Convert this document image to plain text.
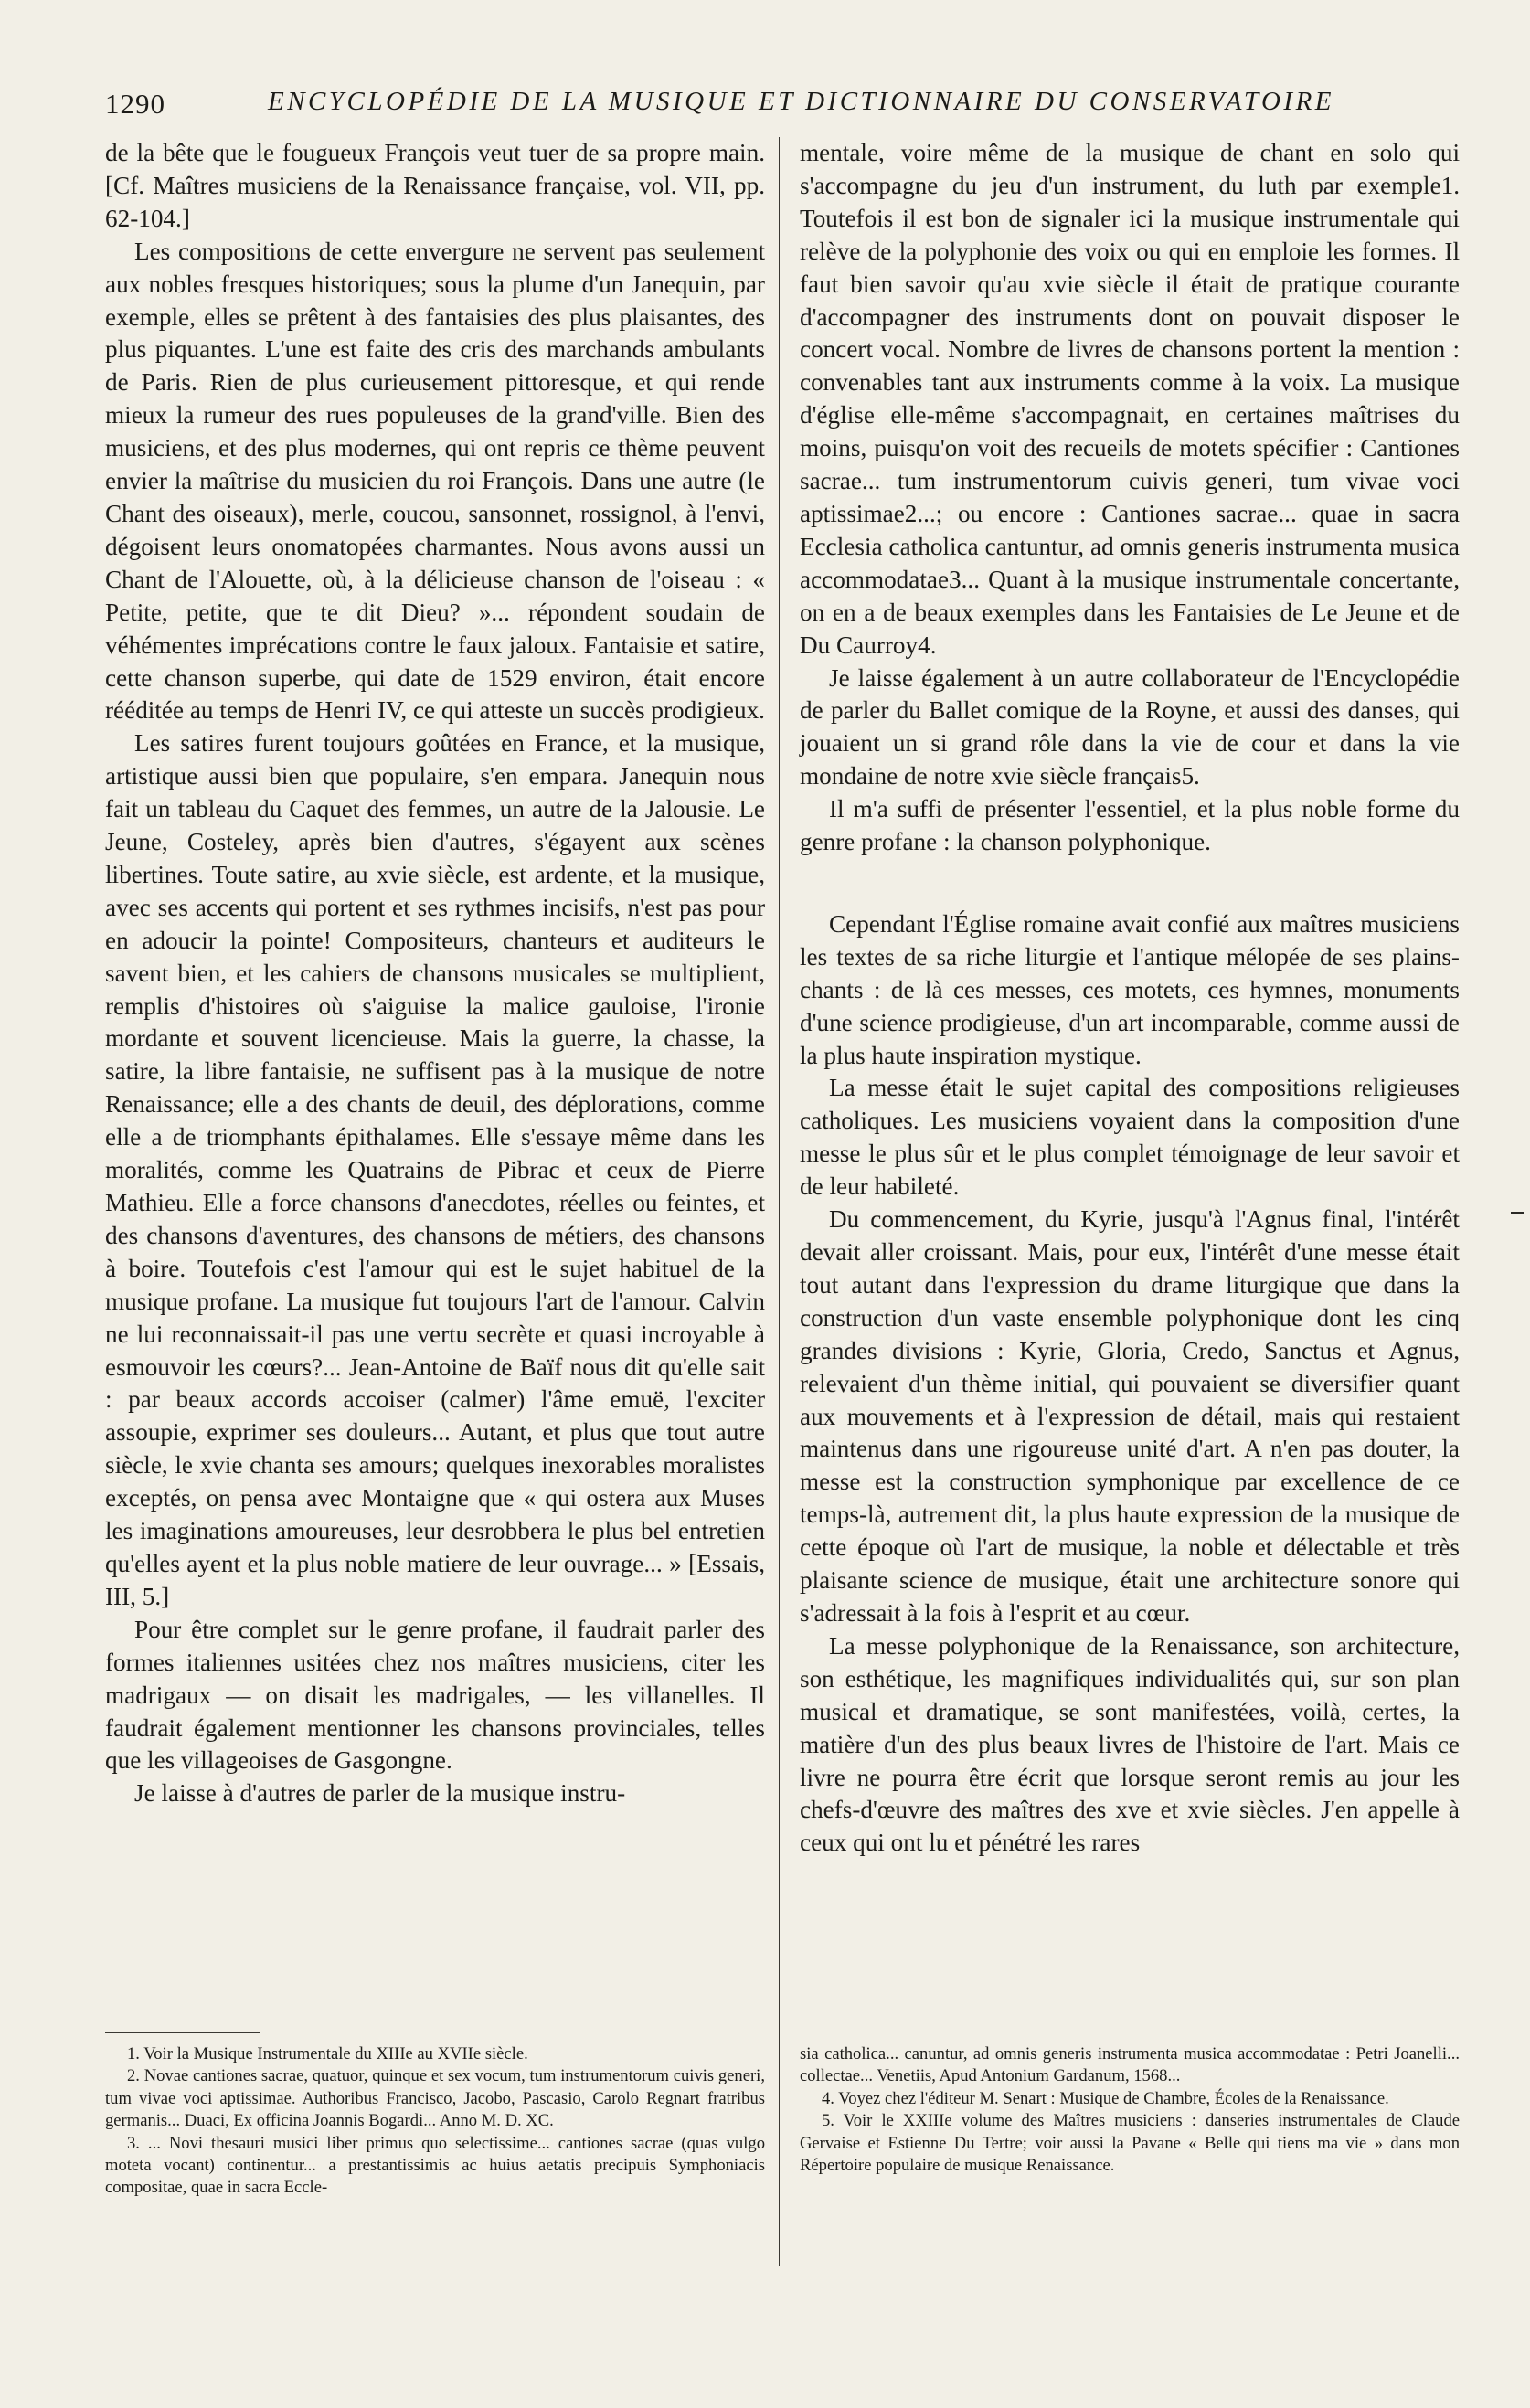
1290	ENCYCLOPÉDIE DE LA MUSIQUE ET DICTIONNAIRE DU CONSERVATOIRE

de la bête que le fougueux François veut tuer de sa propre main. [Cf. Maîtres musiciens de la Renaissance française, vol. VII, pp. 62-104.]

Les compositions de cette envergure ne servent pas seulement aux nobles fresques historiques; sous la plume d'un Janequin, par exemple, elles se prêtent à des fantaisies des plus plaisantes, des plus piquantes. L'une est faite des cris des marchands ambulants de Paris. Rien de plus curieusement pittoresque, et qui rende mieux la rumeur des rues populeuses de la grand'ville. Bien des musiciens, et des plus modernes, qui ont repris ce thème peuvent envier la maîtrise du musicien du roi François. Dans une autre (le Chant des oiseaux), merle, coucou, sansonnet, rossignol, à l'envi, dégoisent leurs onomatopées charmantes. Nous avons aussi un Chant de l'Alouette, où, à la délicieuse chanson de l'oiseau : « Petite, petite, que te dit Dieu? »... répondent soudain de véhémentes imprécations contre le faux jaloux. Fantaisie et satire, cette chanson superbe, qui date de 1529 environ, était encore rééditée au temps de Henri IV, ce qui atteste un succès prodigieux.

Les satires furent toujours goûtées en France, et la musique, artistique aussi bien que populaire, s'en empara. Janequin nous fait un tableau du Caquet des femmes, un autre de la Jalousie. Le Jeune, Costeley, après bien d'autres, s'égayent aux scènes libertines. Toute satire, au xvie siècle, est ardente, et la musique, avec ses accents qui portent et ses rythmes incisifs, n'est pas pour en adoucir la pointe! Compositeurs, chanteurs et auditeurs le savent bien, et les cahiers de chansons musicales se multiplient, remplis d'histoires où s'aiguise la malice gauloise, l'ironie mordante et souvent licencieuse. Mais la guerre, la chasse, la satire, la libre fantaisie, ne suffisent pas à la musique de notre Renaissance; elle a des chants de deuil, des déplorations, comme elle a de triomphants épithalames. Elle s'essaye même dans les moralités, comme les Quatrains de Pibrac et ceux de Pierre Mathieu. Elle a force chansons d'anecdotes, réelles ou feintes, et des chansons d'aventures, des chansons de métiers, des chansons à boire. Toutefois c'est l'amour qui est le sujet habituel de la musique profane. La musique fut toujours l'art de l'amour. Calvin ne lui reconnaissait-il pas une vertu secrète et quasi incroyable à esmouvoir les cœurs?... Jean-Antoine de Baïf nous dit qu'elle sait : par beaux accords accoiser (calmer) l'âme emuë, l'exciter assoupie, exprimer ses douleurs... Autant, et plus que tout autre siècle, le xvie chanta ses amours; quelques inexorables moralistes exceptés, on pensa avec Montaigne que « qui ostera aux Muses les imaginations amoureuses, leur desrobbera le plus bel entretien qu'elles ayent et la plus noble matiere de leur ouvrage... » [Essais, III, 5.]

Pour être complet sur le genre profane, il faudrait parler des formes italiennes usitées chez nos maîtres musiciens, citer les madrigaux — on disait les madrigales, — les villanelles. Il faudrait également mentionner les chansons provinciales, telles que les villageoises de Gasgongne.

Je laisse à d'autres de parler de la musique instru-

mentale, voire même de la musique de chant en solo qui s'accompagne du jeu d'un instrument, du luth par exemple1. Toutefois il est bon de signaler ici la musique instrumentale qui relève de la polyphonie des voix ou qui en emploie les formes. Il faut bien savoir qu'au xvie siècle il était de pratique courante d'accompagner des instruments dont on pouvait disposer le concert vocal. Nombre de livres de chansons portent la mention : convenables tant aux instruments comme à la voix. La musique d'église elle-même s'accompagnait, en certaines maîtrises du moins, puisqu'on voit des recueils de motets spécifier : Cantiones sacrae... tum instrumentorum cuivis generi, tum vivae voci aptissimae2...; ou encore : Cantiones sacrae... quae in sacra Ecclesia catholica cantuntur, ad omnis generis instrumenta musica accommodatae3... Quant à la musique instrumentale concertante, on en a de beaux exemples dans les Fantaisies de Le Jeune et de Du Caurroy4.

Je laisse également à un autre collaborateur de l'Encyclopédie de parler du Ballet comique de la Royne, et aussi des danses, qui jouaient un si grand rôle dans la vie de cour et dans la vie mondaine de notre xvie siècle français5.

Il m'a suffi de présenter l'essentiel, et la plus noble forme du genre profane : la chanson polyphonique.

Cependant l'Église romaine avait confié aux maîtres musiciens les textes de sa riche liturgie et l'antique mélopée de ses plains-chants : de là ces messes, ces motets, ces hymnes, monuments d'une science prodigieuse, d'un art incomparable, comme aussi de la plus haute inspiration mystique.

La messe était le sujet capital des compositions religieuses catholiques. Les musiciens voyaient dans la composition d'une messe le plus sûr et le plus complet témoignage de leur savoir et de leur habileté.

Du commencement, du Kyrie, jusqu'à l'Agnus final, l'intérêt devait aller croissant. Mais, pour eux, l'intérêt d'une messe était tout autant dans l'expression du drame liturgique que dans la construction d'un vaste ensemble polyphonique dont les cinq grandes divisions : Kyrie, Gloria, Credo, Sanctus et Agnus, relevaient d'un thème initial, qui pouvaient se diversifier quant aux mouvements et à l'expression de détail, mais qui restaient maintenus dans une rigoureuse unité d'art. A n'en pas douter, la messe est la construction symphonique par excellence de ce temps-là, autrement dit, la plus haute expression de la musique de cette époque où l'art de musique, la noble et délectable et très plaisante science de musique, était une architecture sonore qui s'adressait à la fois à l'esprit et au cœur.

La messe polyphonique de la Renaissance, son architecture, son esthétique, les magnifiques individualités qui, sur son plan musical et dramatique, se sont manifestées, voilà, certes, la matière d'un des plus beaux livres de l'histoire de l'art. Mais ce livre ne pourra être écrit que lorsque seront remis au jour les chefs-d'œuvre des maîtres des xve et xvie siècles. J'en appelle à ceux qui ont lu et pénétré les rares

1. Voir la Musique Instrumentale du XIIIe au XVIIe siècle.

2. Novae cantiones sacrae, quatuor, quinque et sex vocum, tum instrumentorum cuivis generi, tum vivae voci aptissimae. Authoribus Francisco, Jacobo, Pascasio, Carolo Regnart fratribus germanis... Duaci, Ex officina Joannis Bogardi... Anno M. D. XC.

3. ... Novi thesauri musici liber primus quo selectissime... cantiones sacrae (quas vulgo moteta vocant) continentur... a prestantissimis ac huius aetatis precipuis Symphoniacis compositae, quae in sacra Eccle-

sia catholica... canuntur, ad omnis generis instrumenta musica accommodatae : Petri Joanelli... collectae... Venetiis, Apud Antonium Gardanum, 1568...

4. Voyez chez l'éditeur M. Senart : Musique de Chambre, Écoles de la Renaissance.

5. Voir le XXIIIe volume des Maîtres musiciens : danseries instrumentales de Claude Gervaise et Estienne Du Tertre; voir aussi la Pavane « Belle qui tiens ma vie » dans mon Répertoire populaire de musique Renaissance.
